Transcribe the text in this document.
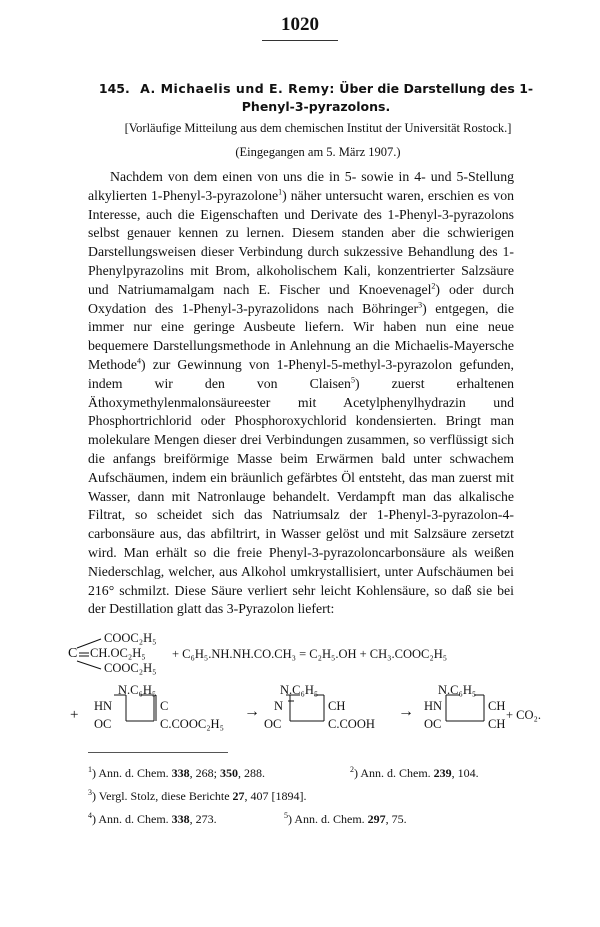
1020
145. A. Michaelis und E. Remy: Über die Darstellung des 1-Phenyl-3-pyrazolons.
[Vorläufige Mitteilung aus dem chemischen Institut der Universität Rostock.]
(Eingegangen am 5. März 1907.)
Nachdem von dem einen von uns die in 5- sowie in 4- und 5-Stellung alkylierten 1-Phenyl-3-pyrazolone$^1$) näher untersucht waren, erschien es von Interesse, auch die Eigenschaften und Derivate des 1-Phenyl-3-pyrazolons selbst genauer kennen zu lernen. Diesem standen aber die schwierigen Darstellungsweisen dieser Verbindung durch sukzessive Behandlung des 1-Phenylpyrazolins mit Brom, alkoholischem Kali, konzentrierter Salzsäure und Natriumamalgam nach E. Fischer und Knoevenagel$^2$) oder durch Oxydation des 1-Phenyl-3-pyrazolidons nach Böhringer$^3$) entgegen, die immer nur eine geringe Ausbeute liefern. Wir haben nun eine neue bequemere Darstellungsmethode in Anlehnung an die Michaelis-Mayersche Methode$^4$) zur Gewinnung von 1-Phenyl-5-methyl-3-pyrazolon gefunden, indem wir den von Claisen$^5$) zuerst erhaltenen Äthoxymethylenmalonsäureester mit Acetylphenylhydrazin und Phosphortrichlorid oder Phosphoroxychlorid kondensierten. Bringt man molekulare Mengen dieser drei Verbindungen zusammen, so verflüssigt sich die anfangs breiförmige Masse beim Erwärmen bald unter schwachem Aufschäumen, indem ein bräunlich gefärbtes Öl entsteht, das man zuerst mit Wasser, dann mit Natronlauge behandelt. Verdampft man das alkalische Filtrat, so scheidet sich das Natriumsalz der 1-Phenyl-3-pyrazolon-4-carbonsäure aus, das abfiltrirt, in Wasser gelöst und mit Salzsäure zersetzt wird. Man erhält so die freie Phenyl-3-pyrazoloncarbonsäure als weißen Niederschlag, welcher, aus Alkohol umkrystallisiert, unter Aufschäumen bei 216° schmilzt. Diese Säure verliert sehr leicht Kohlensäure, so daß sie bei der Destillation glatt das 3-Pyrazolon liefert:
COOC₂H₅
C CH.OC₂H₅
COOC₂H₅
+ C₆H₅.NH.NH.CO.CH₃ = C₂H₅.OH + CH₃.COOC₂H₅
+
N.C₆H₅
HN	C
OC	C.COOC₂H₅
→
N.C₆H₅
N	CH
OC	C.COOH
→
N.C₆H₅
HN	CH
OC	CH
+ CO₂.
$^1$) Ann. d. Chem. 338, 268; 350, 288.	$^2$) Ann. d. Chem. 239, 104.
$^3$) Vergl. Stolz, diese Berichte 27, 407 [1894].
$^4$) Ann. d. Chem. 338, 273.	$^5$) Ann. d. Chem. 297, 75.
